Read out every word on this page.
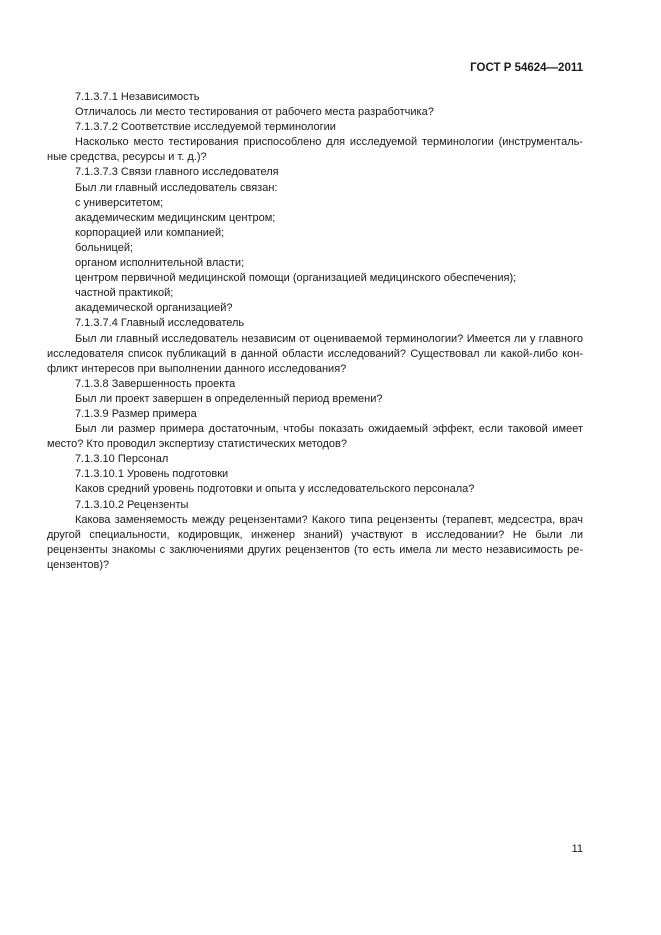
ГОСТ Р 54624—2011

7.1.3.7.1 Независимость

Отличалось ли место тестирования от рабочего места разработчика?

7.1.3.7.2 Соответствие исследуемой терминологии

Насколько место тестирования приспособлено для исследуемой терминологии (инструменталь-ные средства, ресурсы и т. д.)?

7.1.3.7.3 Связи главного исследователя

Был ли главный исследователь связан:

с университетом;

академическим медицинским центром;

корпорацией или компанией;

больницей;

органом исполнительной власти;

центром первичной медицинской помощи (организацией медицинского обеспечения);

частной практикой;

академической организацией?

7.1.3.7.4 Главный исследователь

Был ли главный исследователь независим от оцениваемой терминологии? Имеется ли у главного исследователя список публикаций в данной области исследований? Существовал ли какой-либо кон-фликт интересов при выполнении данного исследования?

7.1.3.8 Завершенность проекта

Был ли проект завершен в определенный период времени?

7.1.3.9 Размер примера

Был ли размер примера достаточным, чтобы показать ожидаемый эффект, если таковой имеет место? Кто проводил экспертизу статистических методов?

7.1.3.10 Персонал

7.1.3.10.1 Уровень подготовки

Каков средний уровень подготовки и опыта у исследовательского персонала?

7.1.3.10.2 Рецензенты

Какова заменяемость между рецензентами? Какого типа рецензенты (терапевт, медсестра, врач другой специальности, кодировщик, инженер знаний) участвуют в исследовании? Не были ли рецензенты знакомы с заключениями других рецензентов (то есть имела ли место независимость ре-цензентов)?

11
